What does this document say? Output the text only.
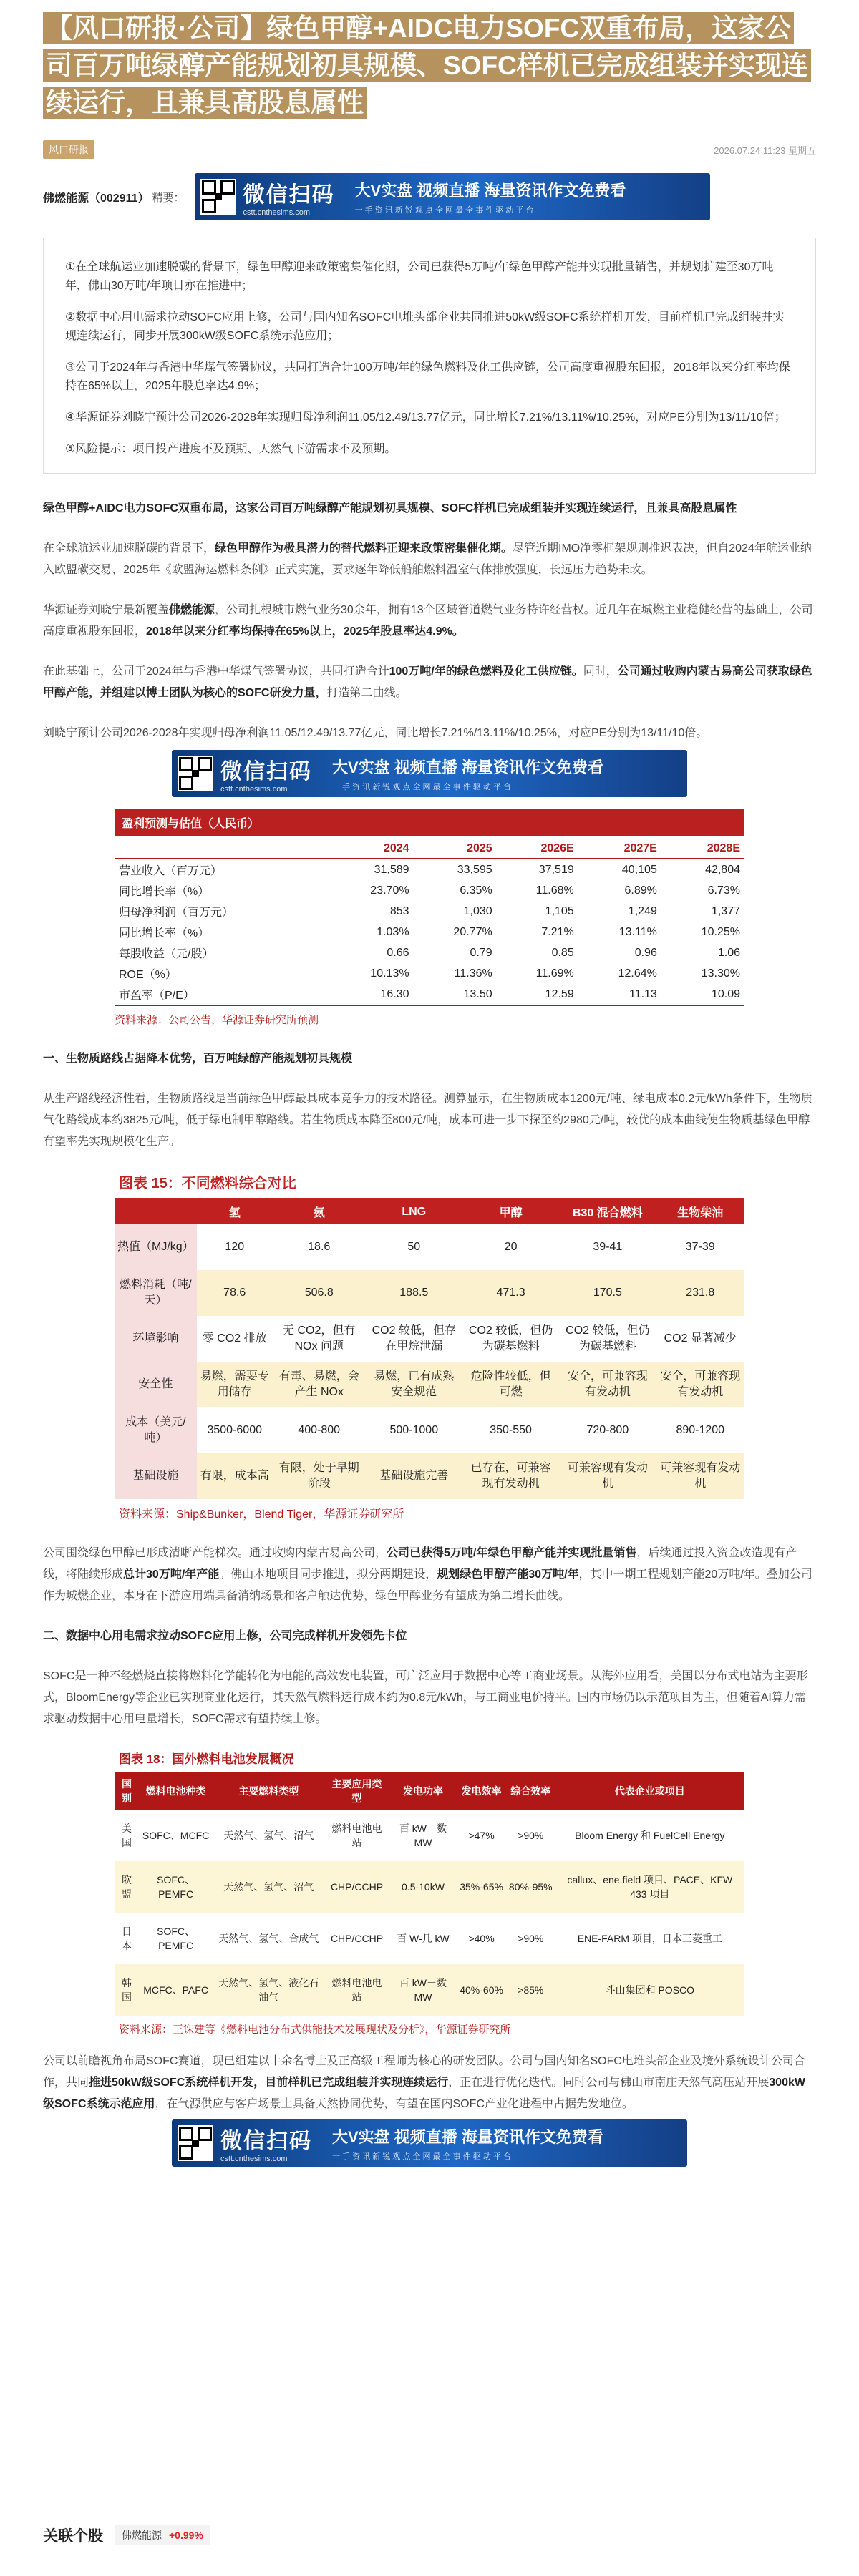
【风口研报·公司】绿色甲醇+AIDC电力SOFC双重布局，这家公司百万吨绿醇产能规划初具规模、SOFC样机已完成组装并实现连续运行，且兼具高股息属性
风口研报	2026.07.24 11:23 星期五
佛燃能源（002911） 精要：	微信扫码
cstt.cnthesims.com
大V实盘 视频直播 海量资讯作文免费看
一 手 资 讯 新 锐 观 点 全 网 最 全 事 件 驱 动 平 台

①在全球航运业加速脱碳的背景下，绿色甲醇迎来政策密集催化期，公司已获得5万吨/年绿色甲醇产能并实现批量销售，并规划扩建至30万吨年，佛山30万吨/年项目亦在推进中；

②数据中心用电需求拉动SOFC应用上修，公司与国内知名SOFC电堆头部企业共同推进50kW级SOFC系统样机开发，目前样机已完成组装并实现连续运行，同步开展300kW级SOFC系统示范应用；

③公司于2024年与香港中华煤气签署协议，共同打造合计100万吨/年的绿色燃料及化工供应链，公司高度重视股东回报，2018年以来分红率均保持在65%以上，2025年股息率达4.9%；

④华源证券刘晓宁预计公司2026-2028年实现归母净利润11.05/12.49/13.77亿元，同比增长7.21%/13.11%/10.25%，对应PE分别为13/11/10倍；

⑤风险提示：项目投产进度不及预期、天然气下游需求不及预期。

绿色甲醇+AIDC电力SOFC双重布局，这家公司百万吨绿醇产能规划初具规模、SOFC样机已完成组装并实现连续运行，且兼具高股息属性

在全球航运业加速脱碳的背景下，绿色甲醇作为极具潜力的替代燃料正迎来政策密集催化期。尽管近期IMO净零框架规则推迟表决，但自2024年航运业纳入欧盟碳交易、2025年《欧盟海运燃料条例》正式实施，要求逐年降低船舶燃料温室气体排放强度，长远压力趋势未改。

华源证券刘晓宁最新覆盖佛燃能源，公司扎根城市燃气业务30余年，拥有13个区域管道燃气业务特许经营权。近几年在城燃主业稳健经营的基础上，公司高度重视股东回报，2018年以来分红率均保持在65%以上，2025年股息率达4.9%。

在此基础上，公司于2024年与香港中华煤气签署协议，共同打造合计100万吨/年的绿色燃料及化工供应链。同时，公司通过收购内蒙古易高公司获取绿色甲醇产能，并组建以博士团队为核心的SOFC研发力量，打造第二曲线。

刘晓宁预计公司2026-2028年实现归母净利润11.05/12.49/13.77亿元，同比增长7.21%/13.11%/10.25%，对应PE分别为13/11/10倍。

微信扫码
cstt.cnthesims.com
大V实盘 视频直播 海量资讯作文免费看
一 手 资 讯 新 锐 观 点 全 网 最 全 事 件 驱 动 平 台
盈利预测与估值（人民币）
	2024	2025	2026E	2027E	2028E
营业收入（百万元）	31,589	33,595	37,519	40,105	42,804
同比增长率（%）	23.70%	6.35%	11.68%	6.89%	6.73%
归母净利润（百万元）	853	1,030	1,105	1,249	1,377
同比增长率（%）	1.03%	20.77%	7.21%	13.11%	10.25%
每股收益（元/股）	0.66	0.79	0.85	0.96	1.06
ROE（%）	10.13%	11.36%	11.69%	12.64%	13.30%
市盈率（P/E）	16.30	13.50	12.59	11.13	10.09
资料来源：公司公告，华源证券研究所预测

一、生物质路线占据降本优势，百万吨绿醇产能规划初具规模

从生产路线经济性看，生物质路线是当前绿色甲醇最具成本竞争力的技术路径。测算显示，在生物质成本1200元/吨、绿电成本0.2元/kWh条件下，生物质气化路线成本约3825元/吨，低于绿电制甲醇路线。若生物质成本降至800元/吨，成本可进一步下探至约2980元/吨，较优的成本曲线使生物质基绿色甲醇有望率先实现规模化生产。

图表 15：不同燃料综合对比
	氢	氨	LNG	甲醇	B30 混合燃料	生物柴油
热值（MJ/kg）	120	18.6	50	20	39-41	37-39
燃料消耗（吨/天）	78.6	506.8	188.5	471.3	170.5	231.8
环境影响	零 CO2 排放	无 CO2，但有 NOx 问题	CO2 较低，但存在甲烷泄漏	CO2 较低，但仍为碳基燃料	CO2 较低，但仍为碳基燃料	CO2 显著减少
安全性	易燃，需要专用储存	有毒、易燃，会产生 NOx	易燃，已有成熟安全规范	危险性较低，但可燃	安全，可兼容现有发动机	安全，可兼容现有发动机
成本（美元/吨）	3500-6000	400-800	500-1000	350-550	720-800	890-1200
基础设施	有限，成本高	有限，处于早期阶段	基础设施完善	已存在，可兼容现有发动机	可兼容现有发动机	可兼容现有发动机
资料来源：Ship&Bunker，Blend Tiger，华源证券研究所

公司围绕绿色甲醇已形成清晰产能梯次。通过收购内蒙古易高公司，公司已获得5万吨/年绿色甲醇产能并实现批量销售，后续通过投入资金改造现有产线，将陆续形成总计30万吨/年产能。佛山本地项目同步推进，拟分两期建设，规划绿色甲醇产能30万吨/年，其中一期工程规划产能20万吨/年。叠加公司作为城燃企业，本身在下游应用端具备消纳场景和客户触达优势，绿色甲醇业务有望成为第二增长曲线。

二、数据中心用电需求拉动SOFC应用上修，公司完成样机开发领先卡位

SOFC是一种不经燃烧直接将燃料化学能转化为电能的高效发电装置，可广泛应用于数据中心等工商业场景。从海外应用看，美国以分布式电站为主要形式，BloomEnergy等企业已实现商业化运行，其天然气燃料运行成本约为0.8元/kWh，与工商业电价持平。国内市场仍以示范项目为主，但随着AI算力需求驱动数据中心用电量增长，SOFC需求有望持续上修。

图表 18：国外燃料电池发展概况
国别	燃料电池种类	主要燃料类型	主要应用类型	发电功率	发电效率	综合效率	代表企业或项目
美国	SOFC、MCFC	天然气、氢气、沼气	燃料电池电站	百 kW－数 MW	>47%	>90%	Bloom Energy 和 FuelCell Energy
欧盟	SOFC、PEMFC	天然气、氢气、沼气	CHP/CCHP	0.5-10kW	35%-65%	80%-95%	callux、ene.field 项目、PACE、KFW 433 项目
日本	SOFC、PEMFC	天然气、氢气、合成气	CHP/CCHP	百 W-几 kW	>40%	>90%	ENE-FARM 项目，日本三菱重工
韩国	MCFC、PAFC	天然气、氢气、液化石油气	燃料电池电站	百 kW－数 MW	40%-60%	>85%	斗山集团和 POSCO
资料来源：王诛建等《燃料电池分布式供能技术发展现状及分析》，华源证券研究所

公司以前瞻视角布局SOFC赛道，现已组建以十余名博士及正高级工程师为核心的研发团队。公司与国内知名SOFC电堆头部企业及境外系统设计公司合作，共同推进50kW级SOFC系统样机开发，目前样机已完成组装并实现连续运行，正在进行优化迭代。同时公司与佛山市南庄天然气高压站开展300kW级SOFC系统示范应用，在气源供应与客户场景上具备天然协同优势，有望在国内SOFC产业化进程中占据先发地位。

微信扫码
cstt.cnthesims.com
大V实盘 视频直播 海量资讯作文免费看
一 手 资 讯 新 锐 观 点 全 网 最 全 事 件 驱 动 平 台
关联个股	佛燃能源 +0.99%
